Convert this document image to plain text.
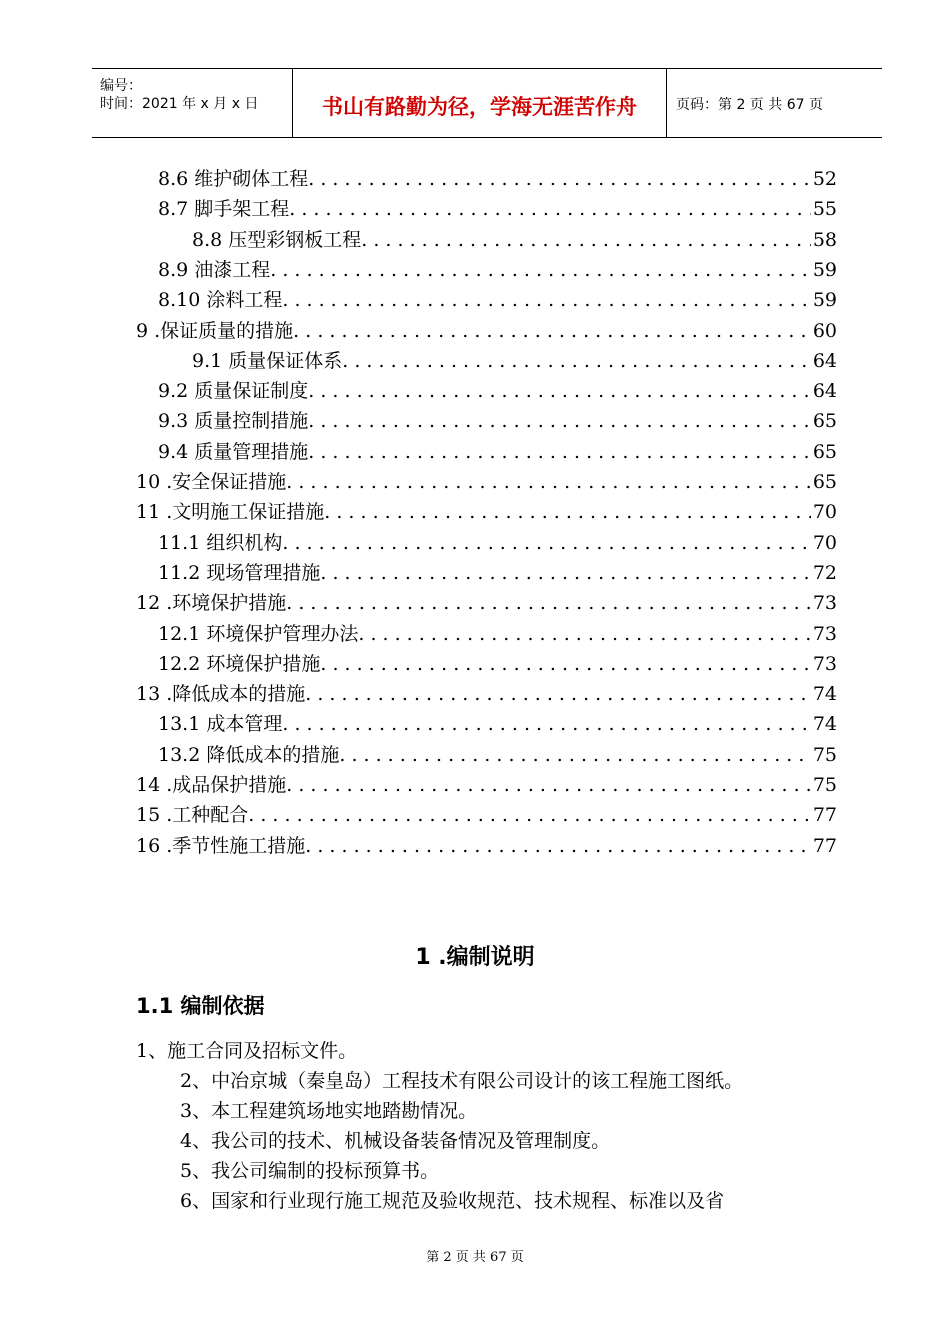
编号：
时间：2021 年 x 月 x 日	书山有路勤为径，学海无涯苦作舟	页码：第 2 页 共 67 页
8.6 维护砌体工程 . . .	52
8.7 脚手架工程 . . .	55
8.8 压型彩钢板工程 . . .	58
8.9 油漆工程 . . .	59
8.10 涂料工程 . . .	59
9 .保证质量的措施 . . .	60
9.1 质量保证体系 . . .	64
9.2 质量保证制度 . . .	64
9.3 质量控制措施 . . .	65
9.4 质量管理措施 . . .	65
10 .安全保证措施 . . .	65
11 .文明施工保证措施 . . .	70
11.1 组织机构 . . .	70
11.2 现场管理措施 . . .	72
12 .环境保护措施 . . .	73
12.1 环境保护管理办法 . . .	73
12.2 环境保护措施 . . .	73
13 .降低成本的措施 . . .	74
13.1 成本管理 . . .	74
13.2 降低成本的措施 . . .	75
14 .成品保护措施 . . .	75
15 .工种配合 . . .	77
16 .季节性施工措施 . . .	77
1 .编制说明
1.1 编制依据
1、施工合同及招标文件。
2、中冶京城（秦皇岛）工程技术有限公司设计的该工程施工图纸。
3、本工程建筑场地实地踏勘情况。
4、我公司的技术、机械设备装备情况及管理制度。
5、我公司编制的投标预算书。
6、国家和行业现行施工规范及验收规范、技术规程、标准以及省
第 2 页 共 67 页
